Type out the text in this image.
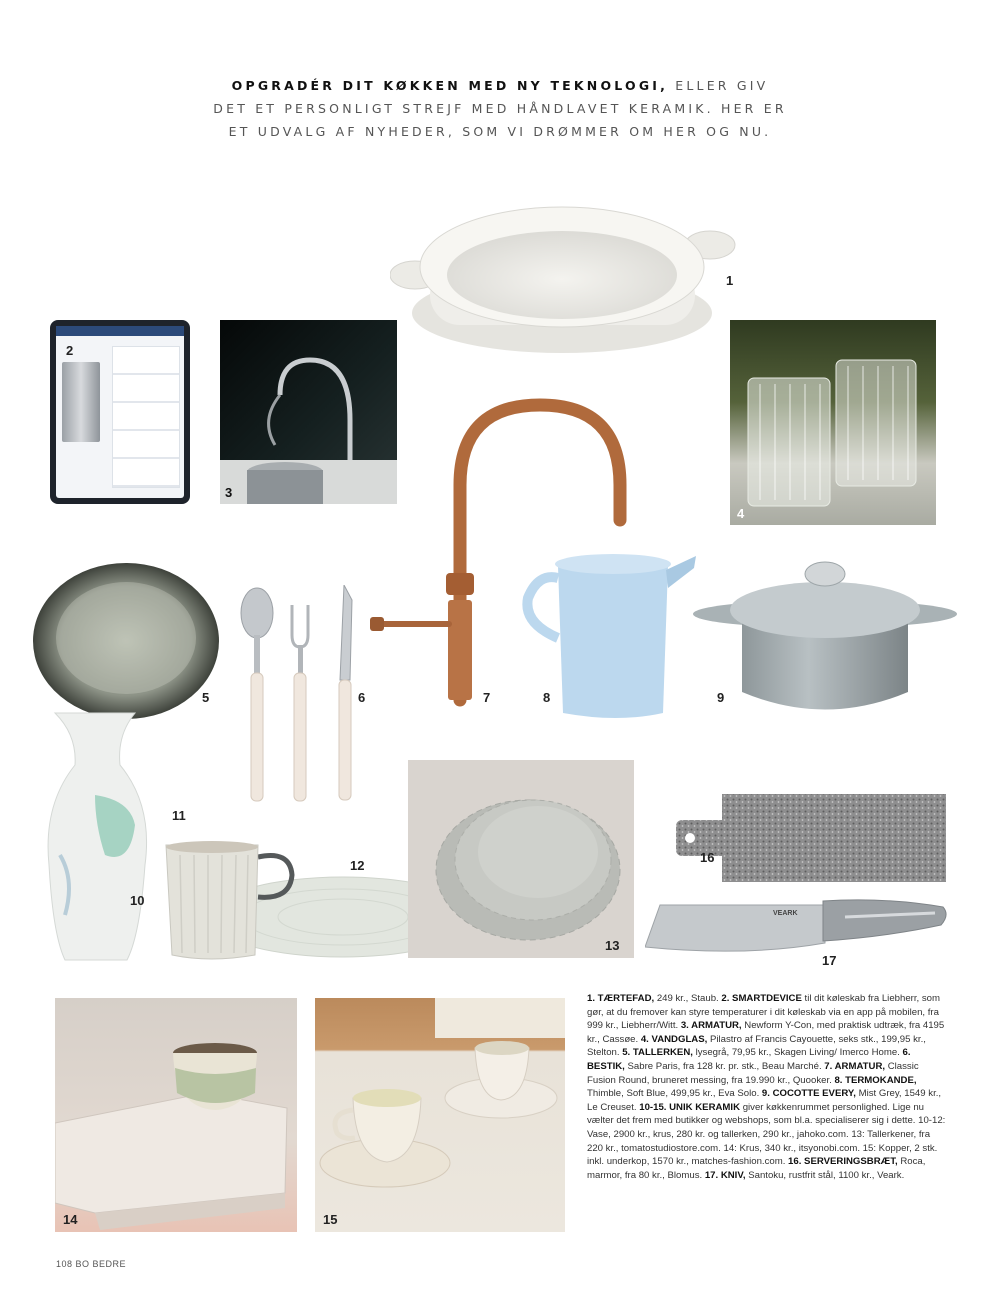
OPGRADÉR DIT KØKKEN MED NY TEKNOLOGI, ELLER GIV
DET ET PERSONLIGT STREJF MED HÅNDLAVET KERAMIK. HER ER
ET UDVALG AF NYHEDER, SOM VI DRØMMER OM HER OG NU.
1
2
3
4
7
5	6	8	9
10
11
12
13
16
VEARK
17
14	15

1. TÆRTEFAD, 249 kr., Staub. 2. SMARTDEVICE til dit køleskab fra Liebherr, som gør, at du fremover kan styre temperaturer i dit køleskab via en app på mobilen, fra 999 kr., Liebherr/Witt. 3. ARMATUR, Newform Y-Con, med praktisk udtræk, fra 4195 kr., Cassøe. 4. VANDGLAS, Pilastro af Francis Cayouette, seks stk., 199,95 kr., Stelton. 5. TALLERKEN, lysegrå, 79,95 kr., Skagen Living/ Imerco Home. 6. BESTIK, Sabre Paris, fra 128 kr. pr. stk., Beau Marché. 7. ARMATUR, Classic Fusion Round, bruneret messing, fra 19.990 kr., Quooker. 8. TERMOKANDE, Thimble, Soft Blue, 499,95 kr., Eva Solo. 9. COCOTTE EVERY, Mist Grey, 1549 kr., Le Creuset. 10-15. UNIK KERAMIK giver køkkenrummet personlighed. Lige nu vælter det frem med butikker og webshops, som bl.a. specialiserer sig i dette. 10-12: Vase, 2900 kr., krus, 280 kr. og tallerken, 290 kr., jahoko.com. 13: Tallerkener, fra 220 kr., tomatostudiostore.com. 14: Krus, 340 kr., itsyonobi.com. 15: Kopper, 2 stk. inkl. underkop, 1570 kr., matches-fashion.com. 16. SERVERINGSBRÆT, Roca, marmor, fra 80 kr., Blomus. 17. KNIV, Santoku, rustfrit stål, 1100 kr., Veark.

108 BO BEDRE
